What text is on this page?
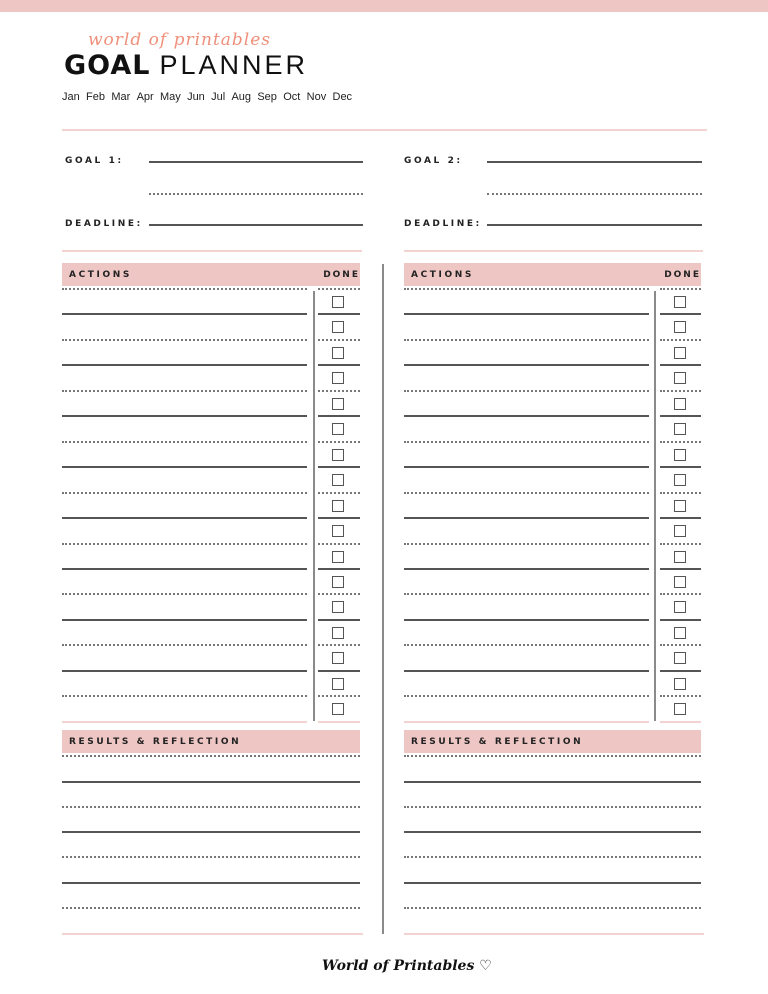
world of printables
GOAL PLANNER
Jan Feb Mar Apr May Jun Jul Aug Sep Oct Nov Dec
GOAL 1:
DEADLINE:
ACTIONS	DONE
RESULTS & REFLECTION
GOAL 2:
DEADLINE:
ACTIONS	DONE
RESULTS & REFLECTION
World of Printables ♡
